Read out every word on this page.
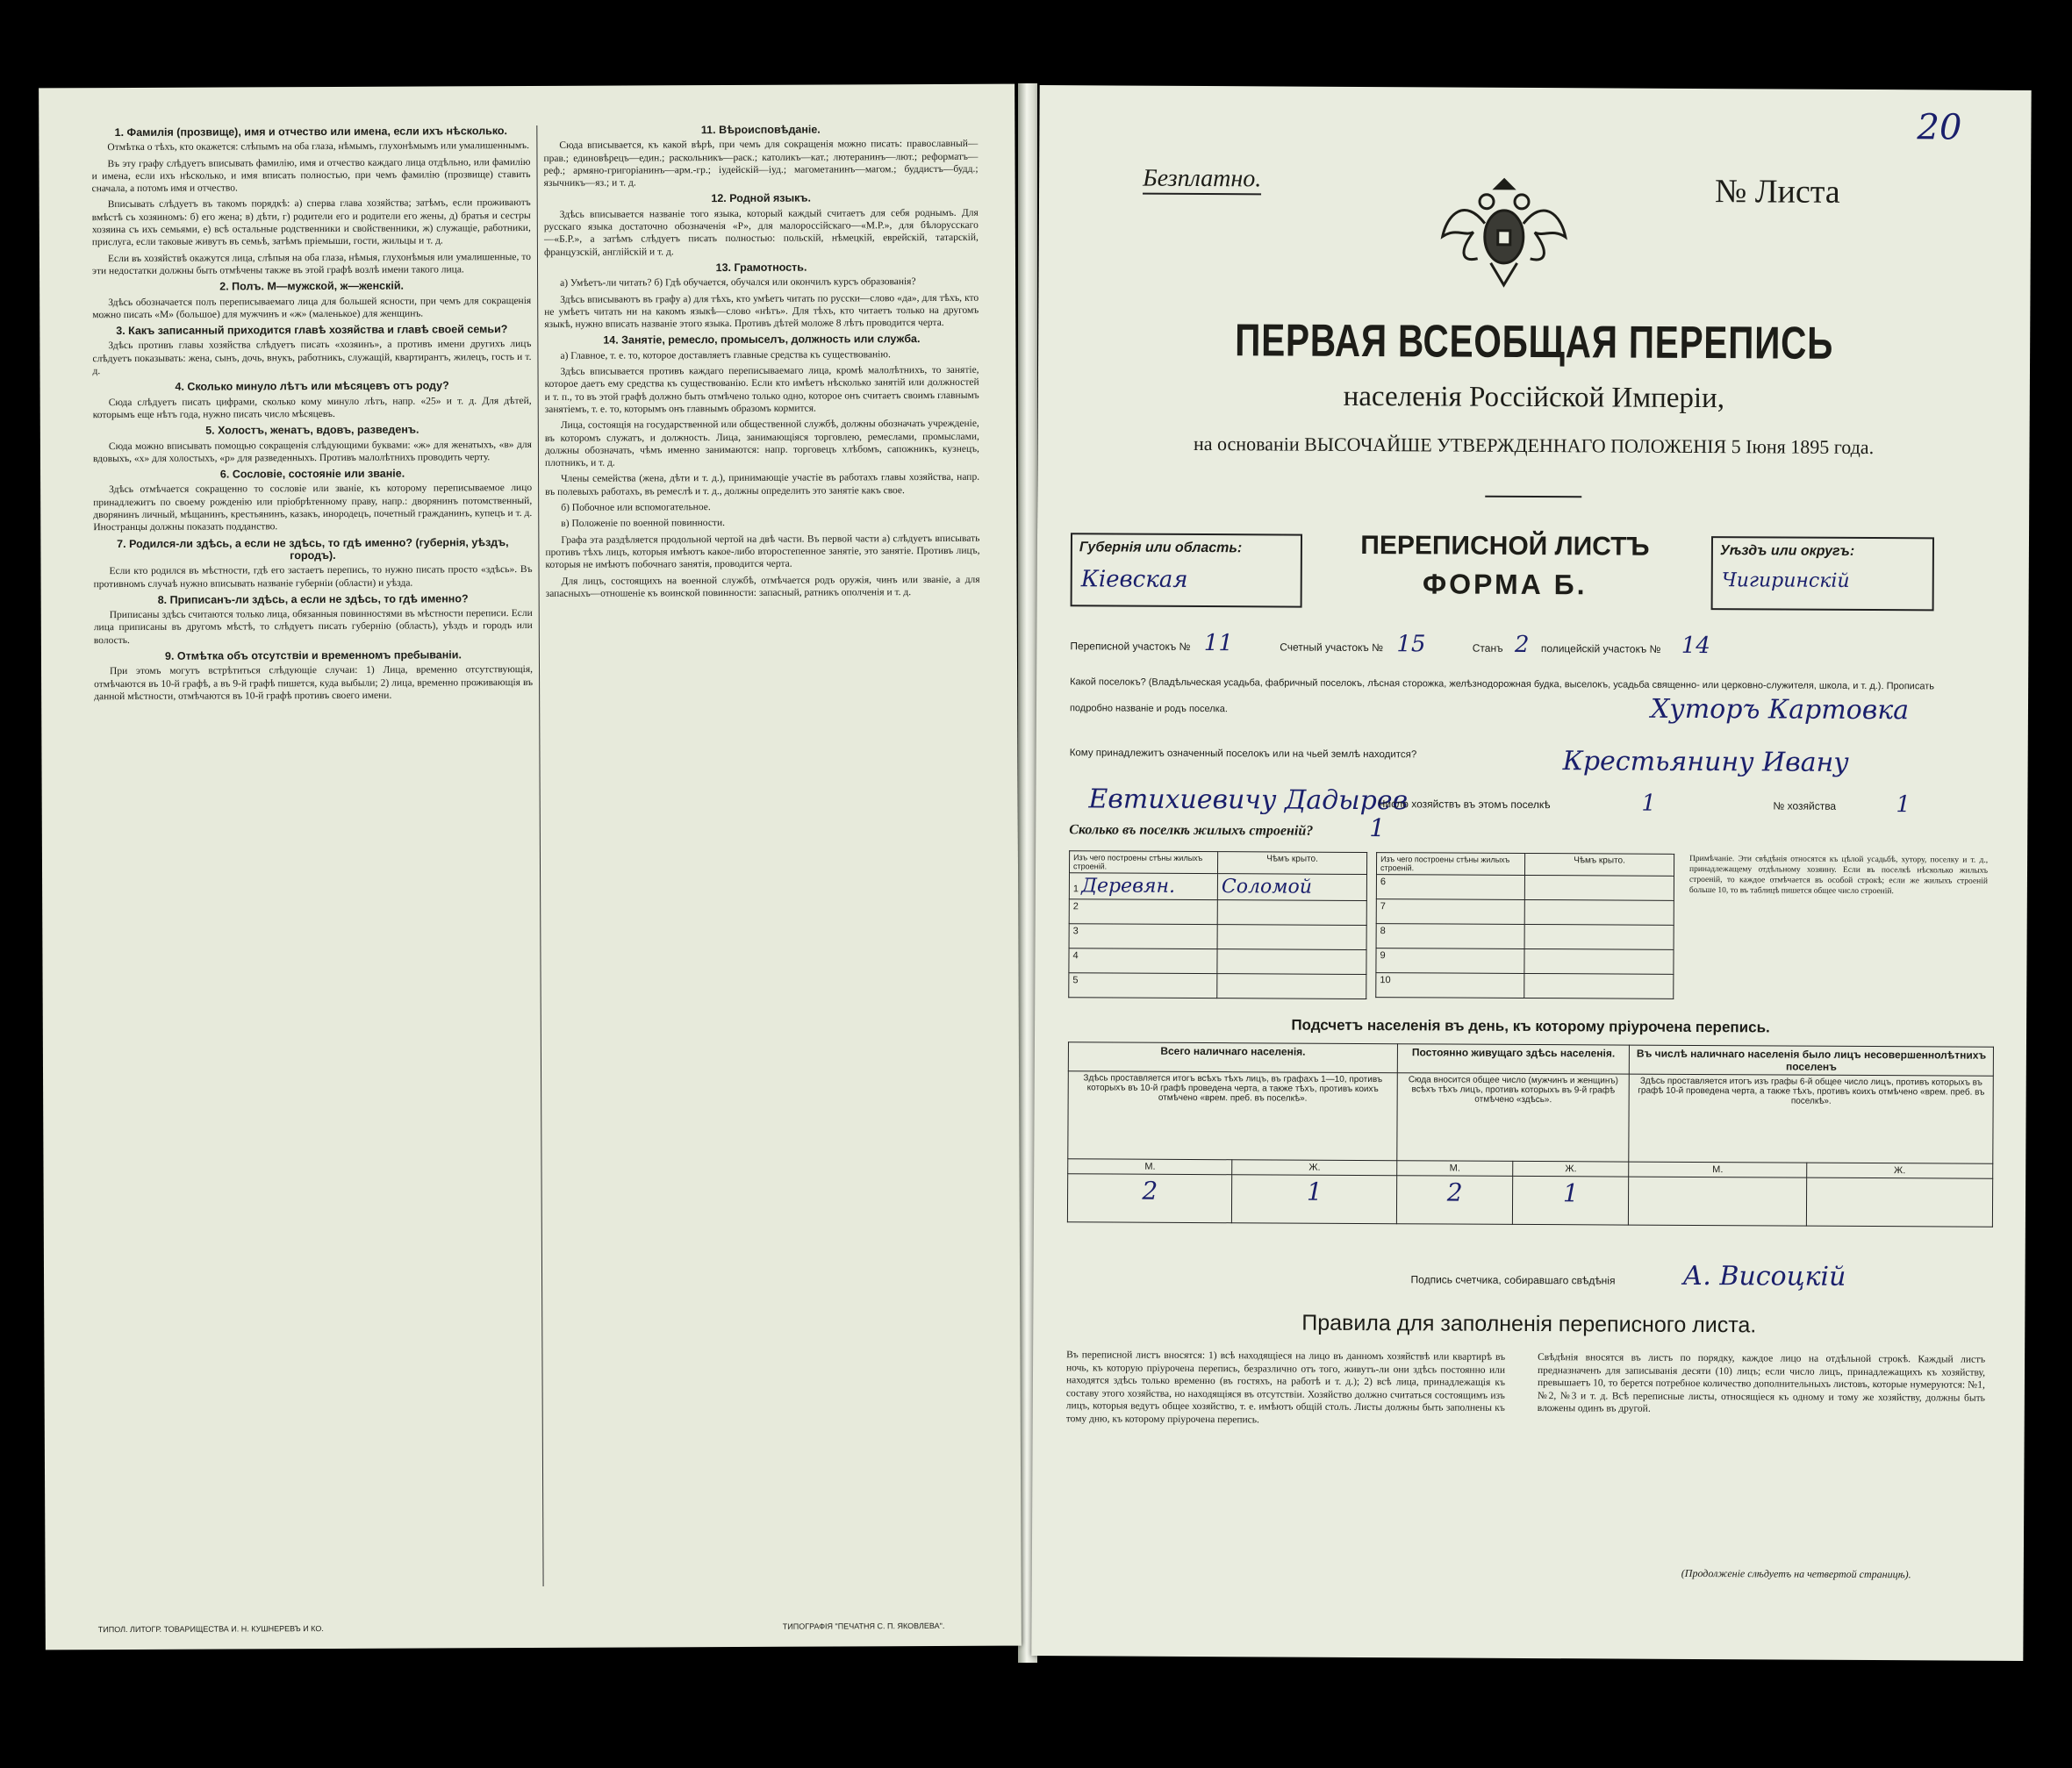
1. Фамилія (прозвище), имя и отчество или имена, если ихъ нѣсколько.
Отмѣтка о тѣхъ, кто окажется: слѣпымъ на оба глаза, нѣмымъ, глухонѣмымъ или умалишеннымъ.
Въ эту графу слѣдуетъ вписывать фамилію, имя и отчество каждаго лица отдѣльно, или фамилію и имена, если ихъ нѣсколько, и имя вписать полностью, при чемъ фамилію (прозвище) ставить сначала, а потомъ имя и отчество.
Вписывать слѣдуетъ въ такомъ порядкѣ: а) сперва глава хозяйства; затѣмъ, если проживаютъ вмѣстѣ съ хозяиномъ: б) его жена; в) дѣти, г) родители его и родители его жены, д) братья и сестры хозяина съ ихъ семьями, е) всѣ остальные родственники и свойственники, ж) служащіе, работники, прислуга, если таковые живутъ въ семьѣ, затѣмъ пріемыши, гости, жильцы и т. д.
Если въ хозяйствѣ окажутся лица, слѣпыя на оба глаза, нѣмыя, глухонѣмыя или умалишенные, то эти недостатки должны быть отмѣчены также въ этой графѣ возлѣ имени такого лица.
2. Полъ. М—мужской, ж—женскій.
Здѣсь обозначается полъ переписываемаго лица для большей ясности, при чемъ для сокращенія можно писать «М» (большое) для мужчинъ и «ж» (маленькое) для женщинъ.
3. Какъ записанный приходится главѣ хозяйства и главѣ своей семьи?
Здѣсь противъ главы хозяйства слѣдуетъ писать «хозяинъ», а противъ имени другихъ лицъ слѣдуетъ показывать: жена, сынъ, дочь, внукъ, работникъ, служащій, квартирантъ, жилецъ, гость и т. д.
4. Сколько минуло лѣтъ или мѣсяцевъ отъ роду?
Сюда слѣдуетъ писать цифрами, сколько кому минуло лѣтъ, напр. «25» и т. д. Для дѣтей, которымъ еще нѣтъ года, нужно писать число мѣсяцевъ.
5. Холостъ, женатъ, вдовъ, разведенъ.
Сюда можно вписывать помощью сокращенія слѣдующими буквами: «ж» для женатыхъ, «в» для вдовыхъ, «х» для холостыхъ, «р» для разведенныхъ. Противъ малолѣтнихъ проводить черту.
6. Сословіе, состояніе или званіе.
Здѣсь отмѣчается сокращенно то сословіе или званіе, къ которому переписываемое лицо принадлежитъ по своему рожденію или пріобрѣтенному праву, напр.: дворянинъ потомственный, дворянинъ личный, мѣщанинъ, крестьянинъ, казакъ, инородецъ, почетный гражданинъ, купецъ и т. д. Иностранцы должны показать подданство.
7. Родился-ли здѣсь, а если не здѣсь, то гдѣ именно? (губернія, уѣздъ, городъ).
Если кто родился въ мѣстности, гдѣ его застаетъ перепись, то нужно писать просто «здѣсь». Въ противномъ случаѣ нужно вписывать названіе губерніи (области) и уѣзда.
8. Приписанъ-ли здѣсь, а если не здѣсь, то гдѣ именно?
Приписаны здѣсь считаются только лица, обязанныя повинностями въ мѣстности переписи. Если лица приписаны въ другомъ мѣстѣ, то слѣдуетъ писать губернію (область), уѣздъ и городъ или волость.
9. Отмѣтка объ отсутствіи и временномъ пребываніи.
При этомъ могутъ встрѣтиться слѣдующіе случаи: 1) Лица, временно отсутствующія, отмѣчаются въ 10-й графѣ, а въ 9-й графѣ пишется, куда выбыли; 2) лица, временно проживающія въ данной мѣстности, отмѣчаются въ 10-й графѣ противъ своего имени.
11. Вѣроисповѣданіе.
Сюда вписывается, къ какой вѣрѣ, при чемъ для сокращенія можно писать: православный—прав.; единовѣрецъ—един.; раскольникъ—раск.; католикъ—кат.; лютеранинъ—лют.; реформатъ—реф.; армяно-григоріанинъ—арм.-гр.; іудейскій—іуд.; магометанинъ—магом.; буддистъ—будд.; язычникъ—яз.; и т. д.
12. Родной языкъ.
Здѣсь вписывается названіе того языка, который каждый считаетъ для себя роднымъ. Для русскаго языка достаточно обозначенія «Р», для малороссійскаго—«М.Р.», для бѣлорусскаго—«Б.Р.», а затѣмъ слѣдуетъ писать полностью: польскій, нѣмецкій, еврейскій, татарскій, французскій, англійскій и т. д.
13. Грамотность.
а) Умѣетъ-ли читать? б) Гдѣ обучается, обучался или окончилъ курсъ образованія?
Здѣсь вписываютъ въ графу а) для тѣхъ, кто умѣетъ читать по русски—слово «да», для тѣхъ, кто не умѣетъ читать ни на какомъ языкѣ—слово «нѣтъ». Для тѣхъ, кто читаетъ только на другомъ языкѣ, нужно вписать названіе этого языка. Противъ дѣтей моложе 8 лѣтъ проводится черта.
14. Занятіе, ремесло, промыселъ, должность или служба.
а) Главное, т. е. то, которое доставляетъ главные средства къ существованію.
Здѣсь вписывается противъ каждаго переписываемаго лица, кромѣ малолѣтнихъ, то занятіе, которое даетъ ему средства къ существованію. Если кто имѣетъ нѣсколько занятій или должностей и т. п., то въ этой графѣ должно быть отмѣчено только одно, которое онъ считаетъ своимъ главнымъ занятіемъ, т. е. то, которымъ онъ главнымъ образомъ кормится.
Лица, состоящія на государственной или общественной службѣ, должны обозначать учрежденіе, въ которомъ служатъ, и должность. Лица, занимающіяся торговлею, ремеслами, промыслами, должны обозначать, чѣмъ именно занимаются: напр. торговецъ хлѣбомъ, сапожникъ, кузнецъ, плотникъ, и т. д.
Члены семейства (жена, дѣти и т. д.), принимающіе участіе въ работахъ главы хозяйства, напр. въ полевыхъ работахъ, въ ремеслѣ и т. д., должны определить это занятіе какъ свое.
б) Побочное или вспомогательное.
в) Положеніе по военной повинности.
Графа эта раздѣляется продольной чертой на двѣ части. Въ первой части а) слѣдуетъ вписывать противъ тѣхъ лицъ, которыя имѣютъ какое-либо второстепенное занятіе, это занятіе. Противъ лицъ, которыя не имѣютъ побочнаго занятія, проводится черта.
Для лицъ, состоящихъ на военной службѣ, отмѣчается родъ оружія, чинъ или званіе, а для запасныхъ—отношеніе къ воинской повинности: запасный, ратникъ ополченія и т. д.
ТИПОЛ. ЛИТОГР. ТОВАРИЩЕСТВА И. Н. КУШНЕРЕВЪ И КО.	ТИПОГРАФІЯ "ПЕЧАТНЯ С. П. ЯКОВЛЕВА".
20
Безплатно.	№ Листа
ПЕРВАЯ ВСЕОБЩАЯ ПЕРЕПИСЬ
населенія Россійской Имперіи,
на основаніи ВЫСОЧАЙШЕ УТВЕРЖДЕННАГО ПОЛОЖЕНІЯ 5 Іюня 1895 года.
Губернія или область:
Кіевская
ПЕРЕПИСНОЙ ЛИСТЪ
ФОРМА Б.
Уѣздъ или округъ:
Чигиринскій
Переписной участокъ № 11	Счетный участокъ № 15	Станъ 2 полицейскій участокъ № 14
Какой поселокъ? (Владѣльческая усадьба, фабричный поселокъ, лѣсная сторожка, желѣзнодорожная будка, выселокъ, усадьба священно- или церковно-служителя, школа, и т. д.). Прописать подробно названіе и родъ поселка.	Хуторъ Картовка
Кому принадлежитъ означенный поселокъ или на чьей землѣ находится?	Крестьянину Ивану Евтихиевичу Дадырев
Число хозяйствъ въ этомъ поселкѣ	1	№ хозяйства	1
Сколько въ поселкѣ жилыхъ строеній? 1
Изъ чего построены стѣны жилыхъ строеній.	Чѣмъ крыто.
1 Деревян.	Соломой
2	
3	
4	
5	
Изъ чего построены стѣны жилыхъ строеній.	Чѣмъ крыто.
6	
7	
8	
9	
10	
Примѣчаніе. Эти свѣдѣнія относятся къ цѣлой усадьбѣ, хутору, поселку и т. д., принадлежащему отдѣльному хозяину. Если въ поселкѣ нѣсколько жилыхъ строеній, то каждое отмѣчается въ особой строкѣ; если же жилыхъ строеній больше 10, то въ таблицѣ пишется общее число строеній.
Подсчетъ населенія въ день, къ которому пріурочена перепись.
Всего наличнаго населенія.		Постоянно живущаго здѣсь населенія.		Въ числѣ наличнаго населенія было лицъ несовершеннолѣтнихъ поселенъ	
Здѣсь проставляется итогъ всѣхъ тѣхъ лицъ, въ графахъ 1—10, противъ которыхъ въ 10-й графѣ проведена черта, а также тѣхъ, противъ коихъ отмѣчено «врем. преб. въ поселкѣ».		Сюда вносится общее число (мужчинъ и женщинъ) всѣхъ тѣхъ лицъ, противъ которыхъ въ 9-й графѣ отмѣчено «здѣсь».		Здѣсь проставляется итогъ изъ графы 6-й общее число лицъ, противъ которыхъ въ графѣ 10-й проведена черта, а также тѣхъ, противъ коихъ отмѣчено «врем. преб. въ поселкѣ».	
М.	Ж.	М.	Ж.	М.	Ж.
2	1	2	1		
Подпись счетчика, собиравшаго свѣдѣнія	А. Висоцкій
Правила для заполненія переписного листа.
Въ переписной листъ вносятся: 1) всѣ находящіеся на лицо въ данномъ хозяйствѣ или квартирѣ въ ночь, къ которую пріурочена перепись, безразлично отъ того, живутъ-ли они здѣсь постоянно или находятся здѣсь только временно (въ гостяхъ, на работѣ и т. д.); 2) всѣ лица, принадлежащія къ составу этого хозяйства, но находящіяся въ отсутствіи. Хозяйство должно считаться состоящимъ изъ лицъ, которыя ведутъ общее хозяйство, т. е. имѣютъ общій столъ. Листы должны быть заполнены къ тому дню, къ которому пріурочена перепись.
Свѣдѣнія вносятся въ листъ по порядку, каждое лицо на отдѣльной строкѣ. Каждый листъ предназначенъ для записыванія десяти (10) лицъ; если число лицъ, принадлежащихъ къ хозяйству, превышаетъ 10, то берется потребное количество дополнительныхъ листовъ, которые нумеруются: №1, №2, №3 и т. д. Всѣ переписные листы, относящіеся къ одному и тому же хозяйству, должны быть вложены одинъ въ другой.
(Продолженіе слѣдуетъ на четвертой страницѣ).
